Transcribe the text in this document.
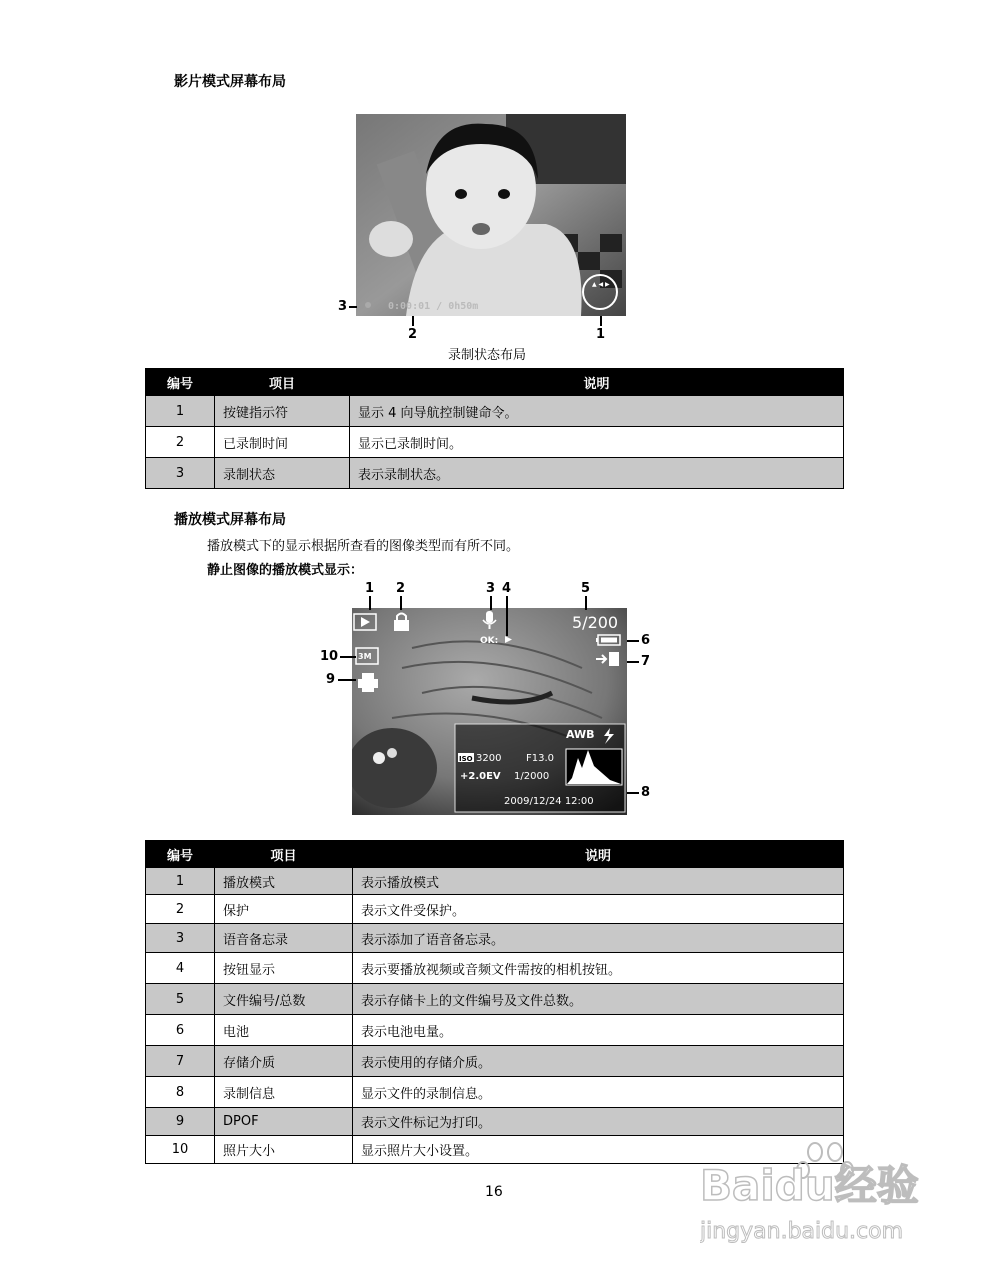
影片模式屏幕布局
0:00:01 / 0h50m
▲ ◀ ▶
3
2	1
录制状态布局
编号	项目	说明
1	按键指示符	显示 4 向导航控制键命令。
2	已录制时间	显示已录制时间。
3	录制状态	表示录制状态。
播放模式屏幕布局
播放模式下的显示根据所查看的图像类型而有所不同。
静止图像的播放模式显示：
OK:
5/200
3M
AWB
ISO 3200 F13.0
+2.0EV 1/2000
2009/12/24 12:00
1 2	3 4	5
6
7
8
9
10
编号	项目	说明
1	播放模式	表示播放模式
2	保护	表示文件受保护。
3	语音备忘录	表示添加了语音备忘录。
4	按钮显示	表示要播放视频或音频文件需按的相机按钮。
5	文件编号/总数	表示存储卡上的文件编号及文件总数。
6	电池	表示电池电量。
7	存储介质	表示使用的存储介质。
8	录制信息	显示文件的录制信息。
9	DPOF	表示文件标记为打印。
10	照片大小	显示照片大小设置。
16	Baidu经验
jingyan.baidu.com
